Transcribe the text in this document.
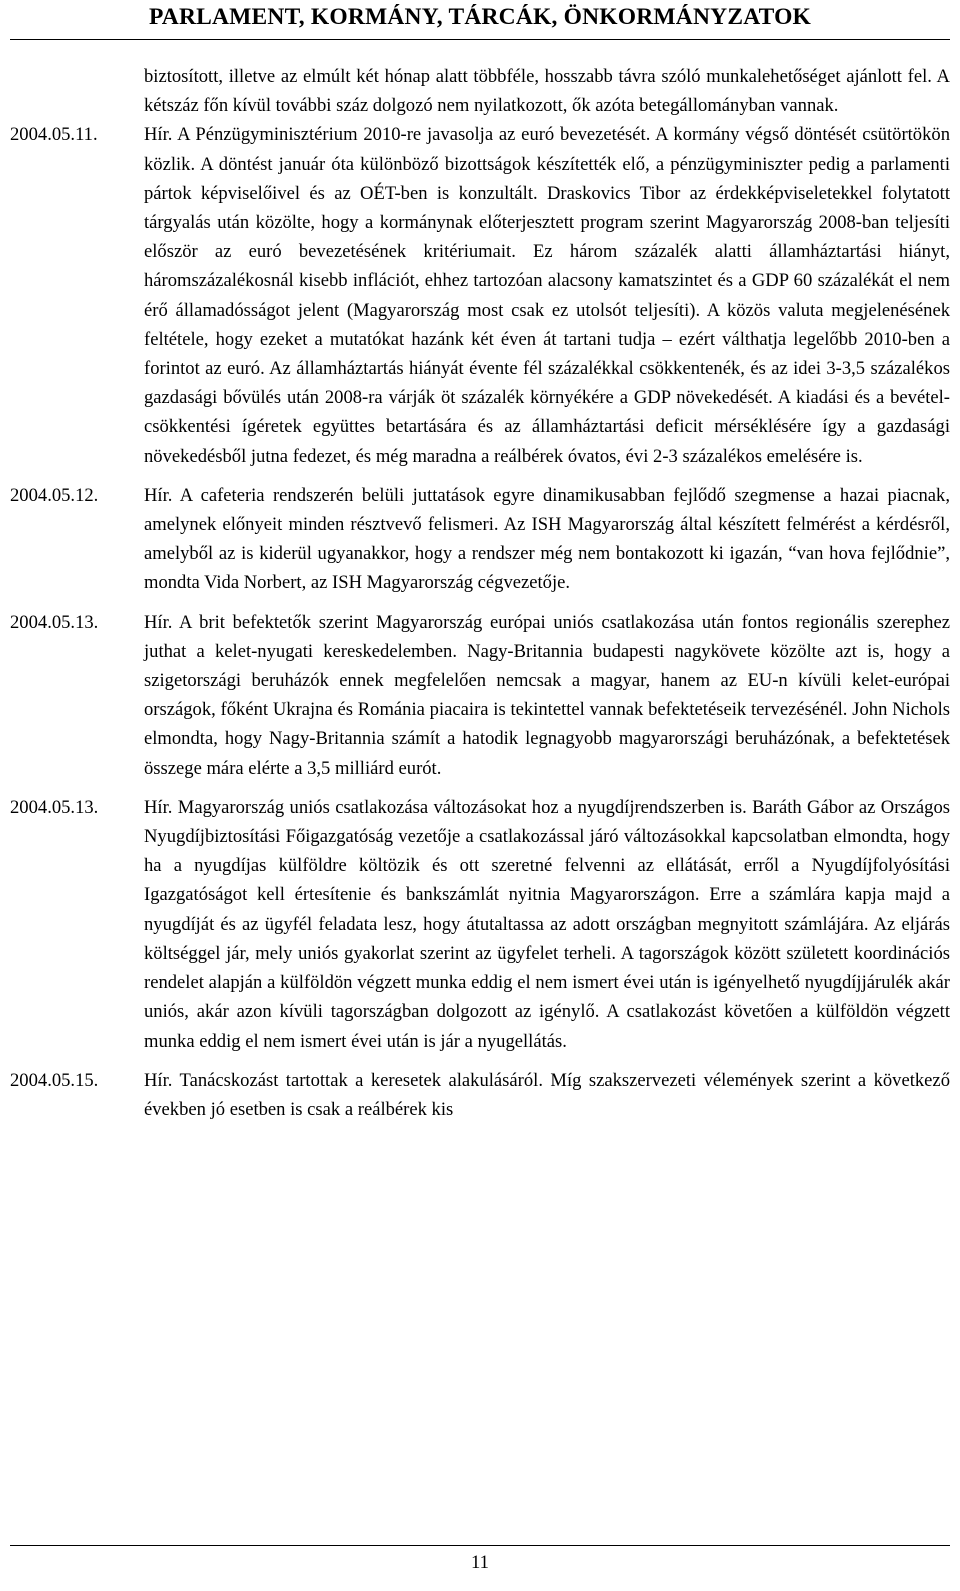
PARLAMENT, KORMÁNY, TÁRCÁK, ÖNKORMÁNYZATOK
biztosított, illetve az elmúlt két hónap alatt többféle, hosszabb távra szóló munkalehetőséget ajánlott fel. A kétszáz főn kívül további száz dolgozó nem nyilatkozott, ők azóta betegállományban vannak.
2004.05.11.	Hír. A Pénzügyminisztérium 2010-re javasolja az euró bevezetését. A kormány végső döntését csütörtökön közlik. A döntést január óta különböző bizottságok készítették elő, a pénzügyminiszter pedig a parlamenti pártok képviselőivel és az OÉT-ben is konzultált. Draskovics Tibor az érdekképviseletekkel folytatott tárgyalás után közölte, hogy a kormánynak előterjesztett program szerint Magyarország 2008-ban teljesíti először az euró bevezetésének kritériumait. Ez három százalék alatti államháztartási hiányt, háromszázalékosnál kisebb inflációt, ehhez tartozóan alacsony kamatszintet és a GDP 60 százalékát el nem érő államadósságot jelent (Magyarország most csak ez utolsót teljesíti). A közös valuta megjelenésének feltétele, hogy ezeket a mutatókat hazánk két éven át tartani tudja – ezért válthatja legelőbb 2010-ben a forintot az euró. Az államháztartás hiányát évente fél százalékkal csökkentenék, és az idei 3-3,5 százalékos gazdasági bővülés után 2008-ra várják öt százalék környékére a GDP növekedését. A kiadási és a bevétel-csökkentési ígéretek együttes betartására és az államháztartási deficit mérséklésére így a gazdasági növekedésből jutna fedezet, és még maradna a reálbérek óvatos, évi 2-3 százalékos emelésére is.
2004.05.12.	Hír. A cafeteria rendszerén belüli juttatások egyre dinamikusabban fejlődő szegmense a hazai piacnak, amelynek előnyeit minden résztvevő felismeri. Az ISH Magyarország által készített felmérést a kérdésről, amelyből az is kiderül ugyanakkor, hogy a rendszer még nem bontakozott ki igazán, “van hova fejlődnie”, mondta Vida Norbert, az ISH Magyarország cégvezetője.
2004.05.13.	Hír. A brit befektetők szerint Magyarország európai uniós csatlakozása után fontos regionális szerephez juthat a kelet-nyugati kereskedelemben. Nagy-Britannia budapesti nagykövete közölte azt is, hogy a szigetországi beruházók ennek megfelelően nemcsak a magyar, hanem az EU-n kívüli kelet-európai országok, főként Ukrajna és Románia piacaira is tekintettel vannak befektetéseik tervezésénél. John Nichols elmondta, hogy Nagy-Britannia számít a hatodik legnagyobb magyarországi beruházónak, a befektetések összege mára elérte a 3,5 milliárd eurót.
2004.05.13.	Hír. Magyarország uniós csatlakozása változásokat hoz a nyugdíjrendszerben is. Baráth Gábor az Országos Nyugdíjbiztosítási Főigazgatóság vezetője a csatlakozással járó változásokkal kapcsolatban elmondta, hogy ha a nyugdíjas külföldre költözik és ott szeretné felvenni az ellátását, erről a Nyugdíjfolyósítási Igazgatóságot kell értesítenie és bankszámlát nyitnia Magyarországon. Erre a számlára kapja majd a nyugdíját és az ügyfél feladata lesz, hogy átutaltassa az adott országban megnyitott számlájára. Az eljárás költséggel jár, mely uniós gyakorlat szerint az ügyfelet terheli. A tagországok között született koordinációs rendelet alapján a külföldön végzett munka eddig el nem ismert évei után is igényelhető nyugdíjjárulék akár uniós, akár azon kívüli tagországban dolgozott az igénylő. A csatlakozást követően a külföldön végzett munka eddig el nem ismert évei után is jár a nyugellátás.
2004.05.15.	Hír. Tanácskozást tartottak a keresetek alakulásáról. Míg szakszervezeti vélemények szerint a következő években jó esetben is csak a reálbérek kis
11
